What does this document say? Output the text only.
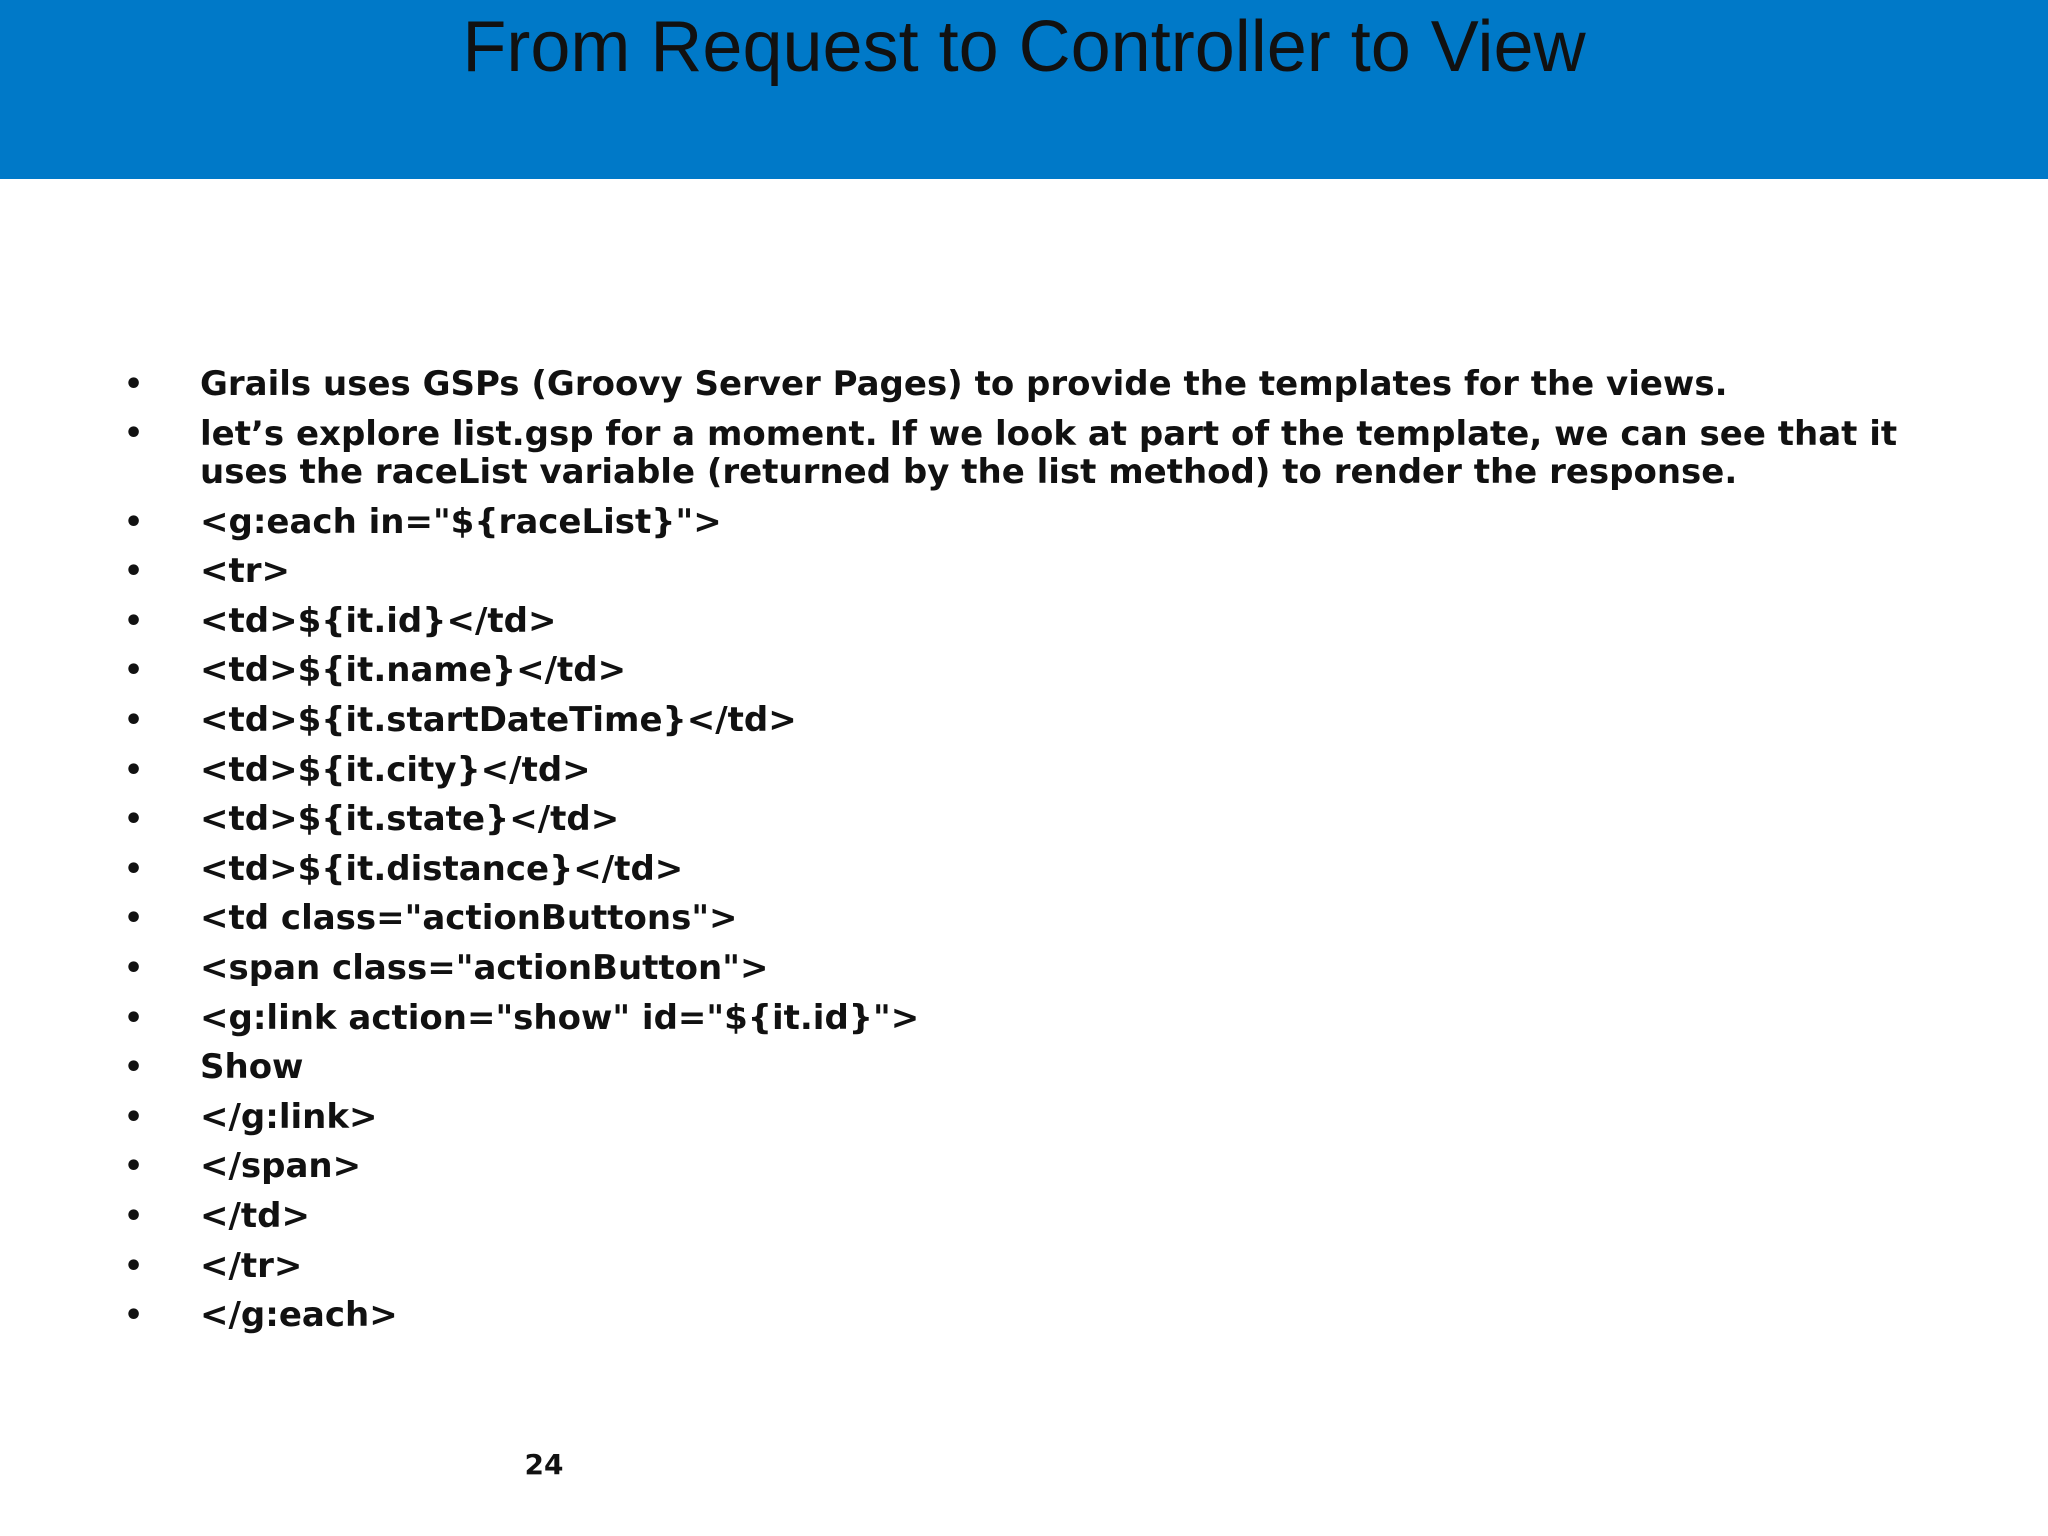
From Request to Controller to View
• Grails uses GSPs (Groovy Server Pages) to provide the templates for the views.
• let’s explore list.gsp for a moment. If we look at part of the template, we can see that it uses the raceList variable (returned by the list method) to render the response.
• <g:each in="${raceList}">
• <tr>
• <td>${it.id}</td>
• <td>${it.name}</td>
• <td>${it.startDateTime}</td>
• <td>${it.city}</td>
• <td>${it.state}</td>
• <td>${it.distance}</td>
• <td class="actionButtons">
• <span class="actionButton">
• <g:link action="show" id="${it.id}">
• Show
• </g:link>
• </span>
• </td>
• </tr>
• </g:each>
24
